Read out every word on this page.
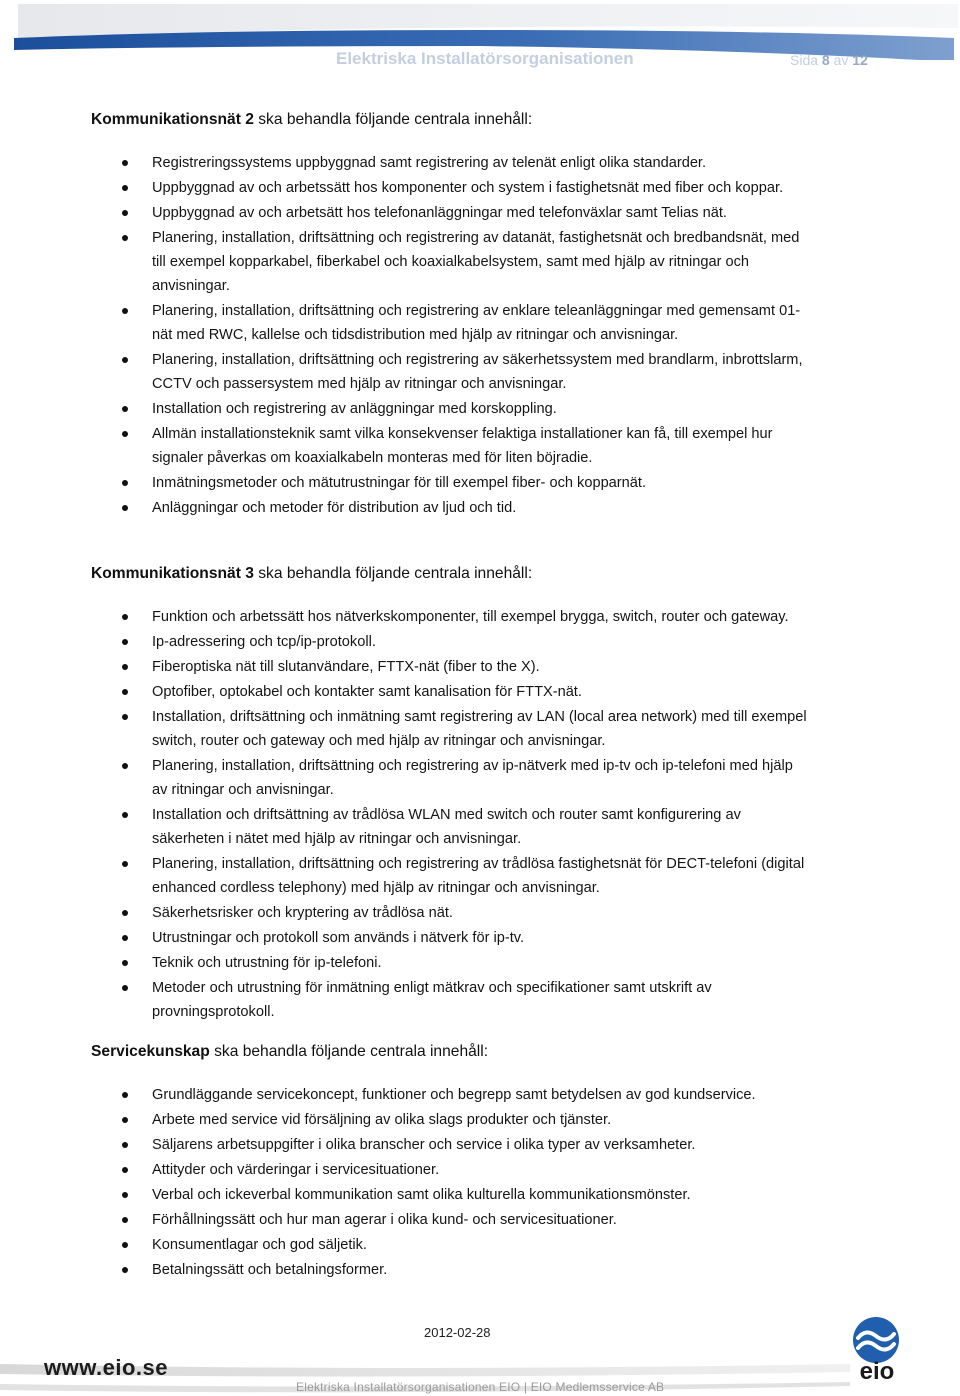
Elektriska Installatörsorganisationen	Sida 8 av 12
Kommunikationsnät 2 ska behandla följande centrala innehåll:
Registreringssystems uppbyggnad samt registrering av telenät enligt olika standarder.
Uppbyggnad av och arbetssätt hos komponenter och system i fastighetsnät med fiber och koppar.
Uppbyggnad av och arbetsätt hos telefonanläggningar med telefonväxlar samt Telias nät.
Planering, installation, driftsättning och registrering av datanät, fastighetsnät och bredbandsnät, med
till exempel kopparkabel, fiberkabel och koaxialkabelsystem, samt med hjälp av ritningar och
anvisningar.
Planering, installation, driftsättning och registrering av enklare teleanläggningar med gemensamt 01-
nät med RWC, kallelse och tidsdistribution med hjälp av ritningar och anvisningar.
Planering, installation, driftsättning och registrering av säkerhetssystem med brandlarm, inbrottslarm,
CCTV och passersystem med hjälp av ritningar och anvisningar.
Installation och registrering av anläggningar med korskoppling.
Allmän installationsteknik samt vilka konsekvenser felaktiga installationer kan få, till exempel hur
signaler påverkas om koaxialkabeln monteras med för liten böjradie.
Inmätningsmetoder och mätutrustningar för till exempel fiber- och kopparnät.
Anläggningar och metoder för distribution av ljud och tid.
Kommunikationsnät 3 ska behandla följande centrala innehåll:
Funktion och arbetssätt hos nätverkskomponenter, till exempel brygga, switch, router och gateway.
Ip-adressering och tcp/ip-protokoll.
Fiberoptiska nät till slutanvändare, FTTX-nät (fiber to the X).
Optofiber, optokabel och kontakter samt kanalisation för FTTX-nät.
Installation, driftsättning och inmätning samt registrering av LAN (local area network) med till exempel
switch, router och gateway och med hjälp av ritningar och anvisningar.
Planering, installation, driftsättning och registrering av ip-nätverk med ip-tv och ip-telefoni med hjälp
av ritningar och anvisningar.
Installation och driftsättning av trådlösa WLAN med switch och router samt konfigurering av
säkerheten i nätet med hjälp av ritningar och anvisningar.
Planering, installation, driftsättning och registrering av trådlösa fastighetsnät för DECT-telefoni (digital
enhanced cordless telephony) med hjälp av ritningar och anvisningar.
Säkerhetsrisker och kryptering av trådlösa nät.
Utrustningar och protokoll som används i nätverk för ip-tv.
Teknik och utrustning för ip-telefoni.
Metoder och utrustning för inmätning enligt mätkrav och specifikationer samt utskrift av
provningsprotokoll.
Servicekunskap ska behandla följande centrala innehåll:
Grundläggande servicekoncept, funktioner och begrepp samt betydelsen av god kundservice.
Arbete med service vid försäljning av olika slags produkter och tjänster.
Säljarens arbetsuppgifter i olika branscher och service i olika typer av verksamheter.
Attityder och värderingar i servicesituationer.
Verbal och ickeverbal kommunikation samt olika kulturella kommunikationsmönster.
Förhållningssätt och hur man agerar i olika kund- och servicesituationer.
Konsumentlagar och god säljetik.
Betalningssätt och betalningsformer.
2012-02-28
www.eio.se
Elektriska Installatörsorganisationen EIO | EIO Medlemsservice AB
eio
